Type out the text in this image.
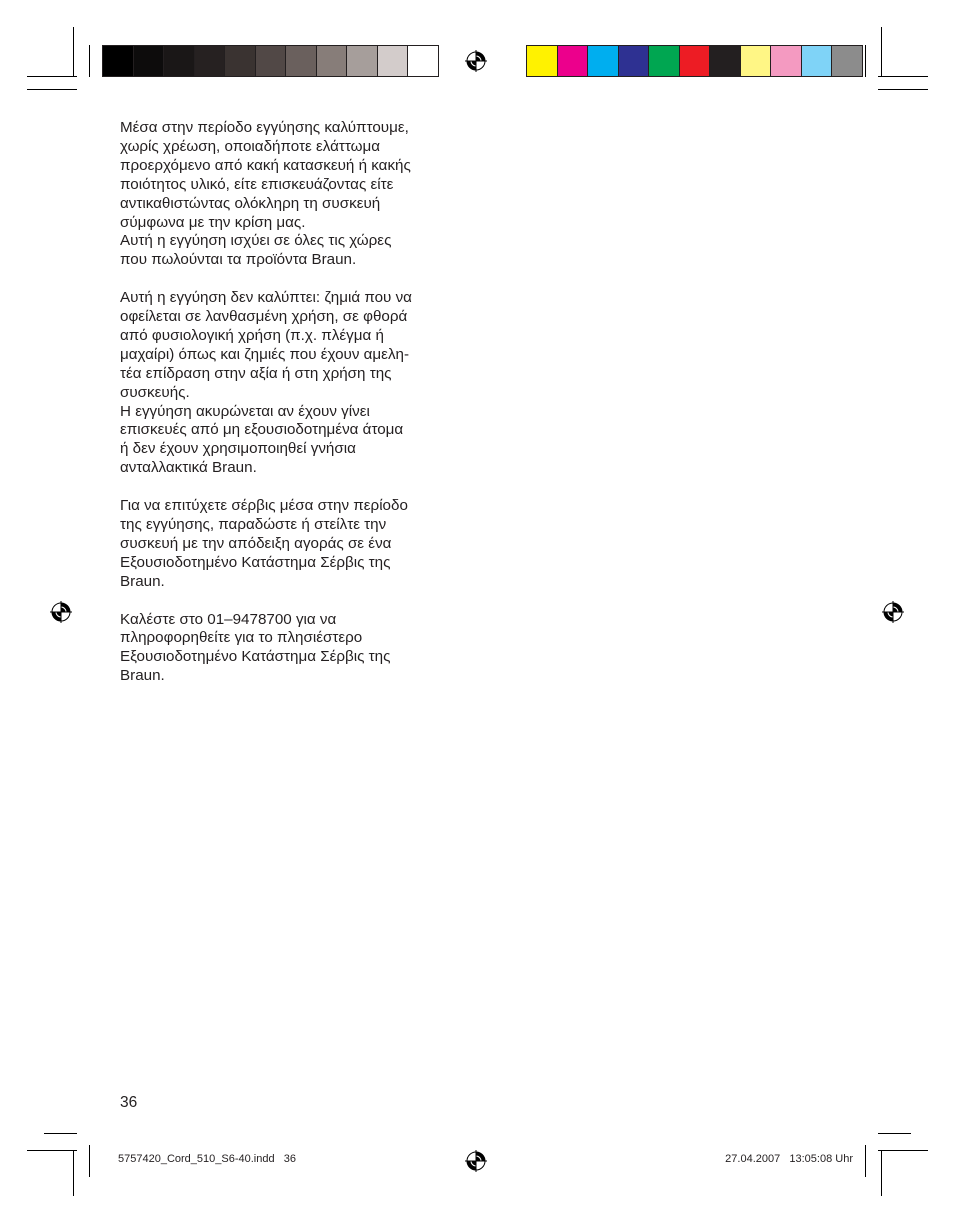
Μέσα στην περίοδο εγγύησης καλύπτουμε,
χωρίς χρέωση, οποιαδήποτε ελάττωμα
προερχόμενο από κακή κατασκευή ή κακής
ποιότητος υλικό, είτε επισκευάζοντας είτε
αντικαθιστώντας ολόκληρη τη συσκευή
σύμφωνα με την κρίση μας.
Αυτή η εγγύηση ισχύει σε όλες τις χώρες
που πωλούνται τα προϊόντα Braun.

Αυτή η εγγύηση δεν καλύπτει: ζημιά που να
οφείλεται σε λανθασμένη χρήση, σε φθορά
από φυσιολογική χρήση (π.χ. πλέγμα ή
μαχαίρι) όπως και ζημιές που έχουν αμελη-
τέα επίδραση στην αξία ή στη χρήση της
συσκευής.
Η εγγύηση ακυρώνεται αν έχουν γίνει
επισκευές από μη εξουσιοδοτημένα άτομα
ή δεν έχουν χρησιμοποιηθεί γνήσια
ανταλλακτικά Braun.

Για να επιτύχετε σέρβις μέσα στην περίοδο
της εγγύησης, παραδώστε ή στείλτε την
συσκευή με την απόδειξη αγοράς σε ένα
Εξουσιοδοτημένο Κατάστημα Σέρβις της
Braun.

Καλέστε στο 01–9478700 για να
πληροφορηθείτε για το πλησιέστερο
Εξουσιοδοτημένο Κατάστημα Σέρβις της
Braun.

36
5757420_Cord_510_S6-40.indd   36	27.04.2007   13:05:08 Uhr
